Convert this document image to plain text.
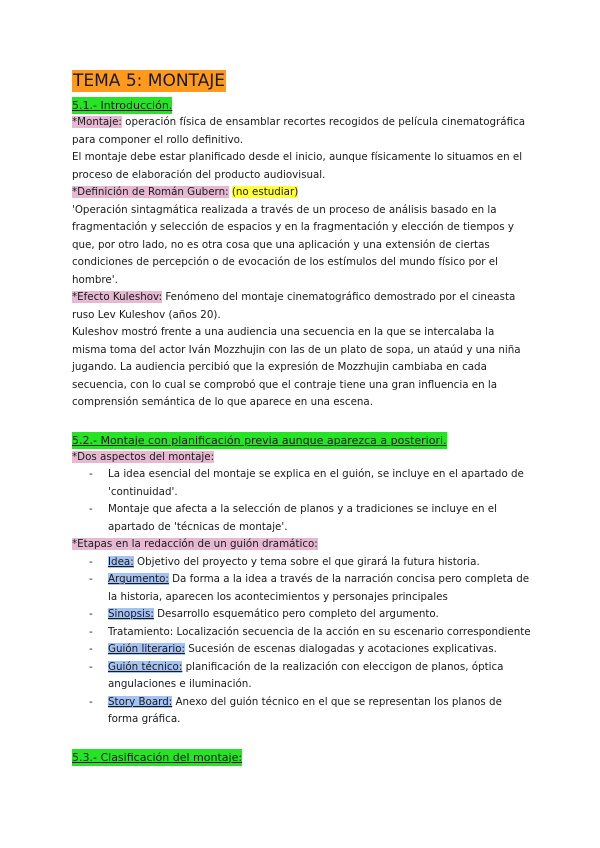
TEMA 5: MONTAJE
5.1.- Introducción.

*Montaje: operación física de ensamblar recortes recogidos de película cinematográfica para componer el rollo definitivo.

El montaje debe estar planificado desde el inicio, aunque físicamente lo situamos en el proceso de elaboración del producto audiovisual.

*Definición de Román Gubern: (no estudiar)

'Operación sintagmática realizada a través de un proceso de análisis basado en la fragmentación y selección de espacios y en la fragmentación y elección de tiempos y que, por otro lado, no es otra cosa que una aplicación y una extensión de ciertas condiciones de percepción o de evocación de los estímulos del mundo físico por el hombre'.

*Efecto Kuleshov: Fenómeno del montaje cinematográfico demostrado por el cineasta ruso Lev Kuleshov (años 20).

Kuleshov mostró frente a una audiencia una secuencia en la que se intercalaba la misma toma del actor Iván Mozzhujin con las de un plato de sopa, un ataúd y una niña jugando. La audiencia percibió que la expresión de Mozzhujin cambiaba en cada secuencia, con lo cual se comprobó que el contraje tiene una gran influencia en la comprensión semántica de lo que aparece en una escena.

5.2.- Montaje con planificación previa aunque aparezca a posteriori.

*Dos aspectos del montaje:

- La idea esencial del montaje se explica en el guión, se incluye en el apartado de 'continuidad'.
- Montaje que afecta a la selección de planos y a tradiciones se incluye en el apartado de 'técnicas de montaje'.

*Etapas en la redacción de un guión dramático:

- Idea: Objetivo del proyecto y tema sobre el que girará la futura historia.
- Argumento: Da forma a la idea a través de la narración concisa pero completa de la historia, aparecen los acontecimientos y personajes principales
- Sinopsis: Desarrollo esquemático pero completo del argumento.
- Tratamiento: Localización secuencia de la acción en su escenario correspondiente
- Guión literario: Sucesión de escenas dialogadas y acotaciones explicativas.
- Guión técnico: planificación de la realización con eleccigon de planos, óptica angulaciones e iluminación.
- Story Board: Anexo del guión técnico en el que se representan los planos de forma gráfica.
5.3.- Clasificación del montaje:
